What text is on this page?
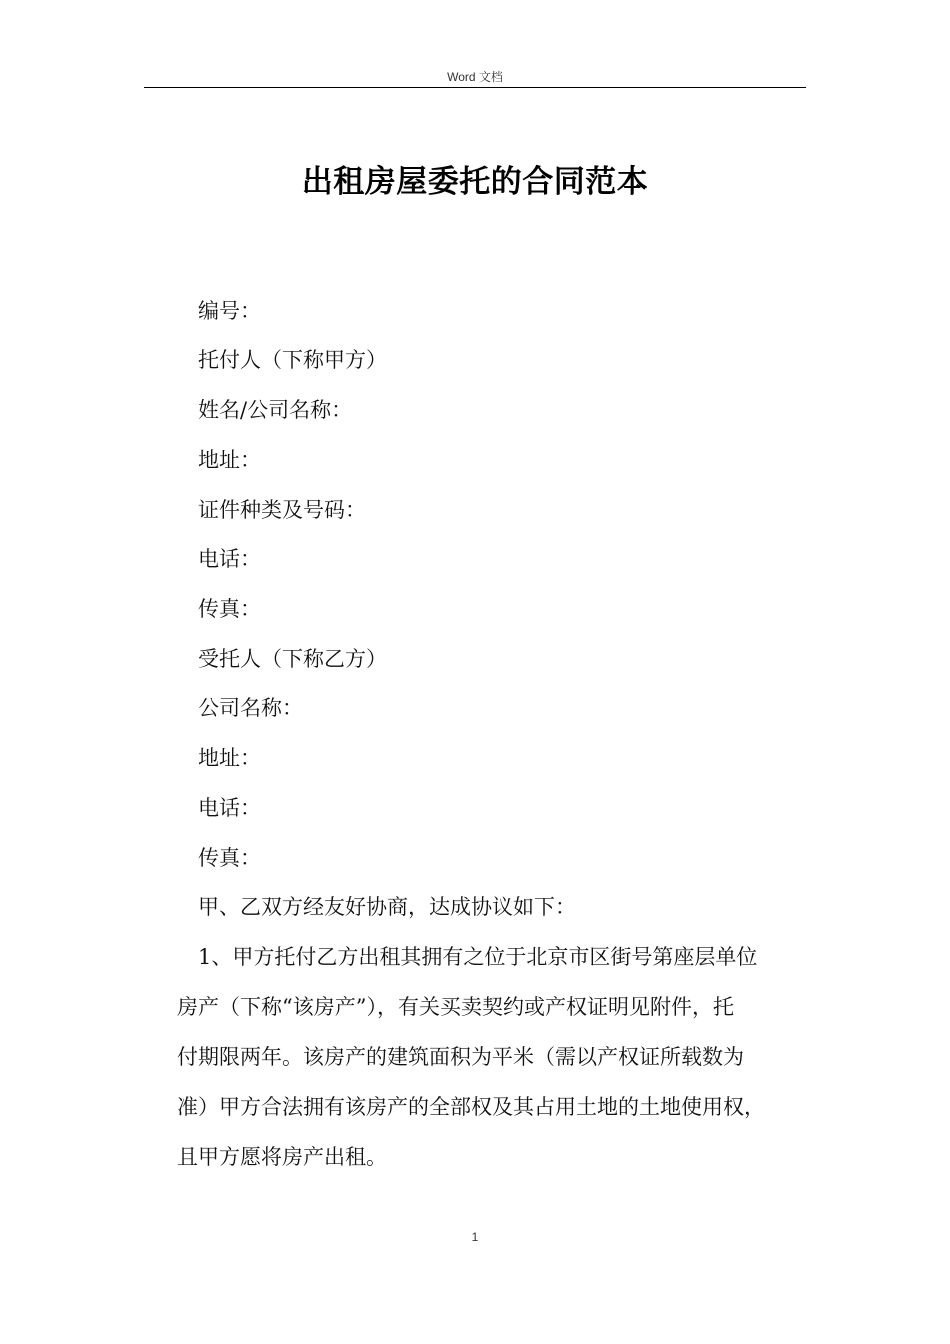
Word 文档
出租房屋委托的合同范本
编号：
托付人（下称甲方）
姓名/公司名称：
地址：
证件种类及号码：
电话：
传真：
受托人（下称乙方）
公司名称：
地址：
电话：
传真：
甲、乙双方经友好协商，达成协议如下：
1、甲方托付乙方出租其拥有之位于北京市区街号第座层单位
房产（下称“该房产”），有关买卖契约或产权证明见附件，托
付期限两年。该房产的建筑面积为平米（需以产权证所载数为
准）甲方合法拥有该房产的全部权及其占用土地的土地使用权，
且甲方愿将房产出租。
1
